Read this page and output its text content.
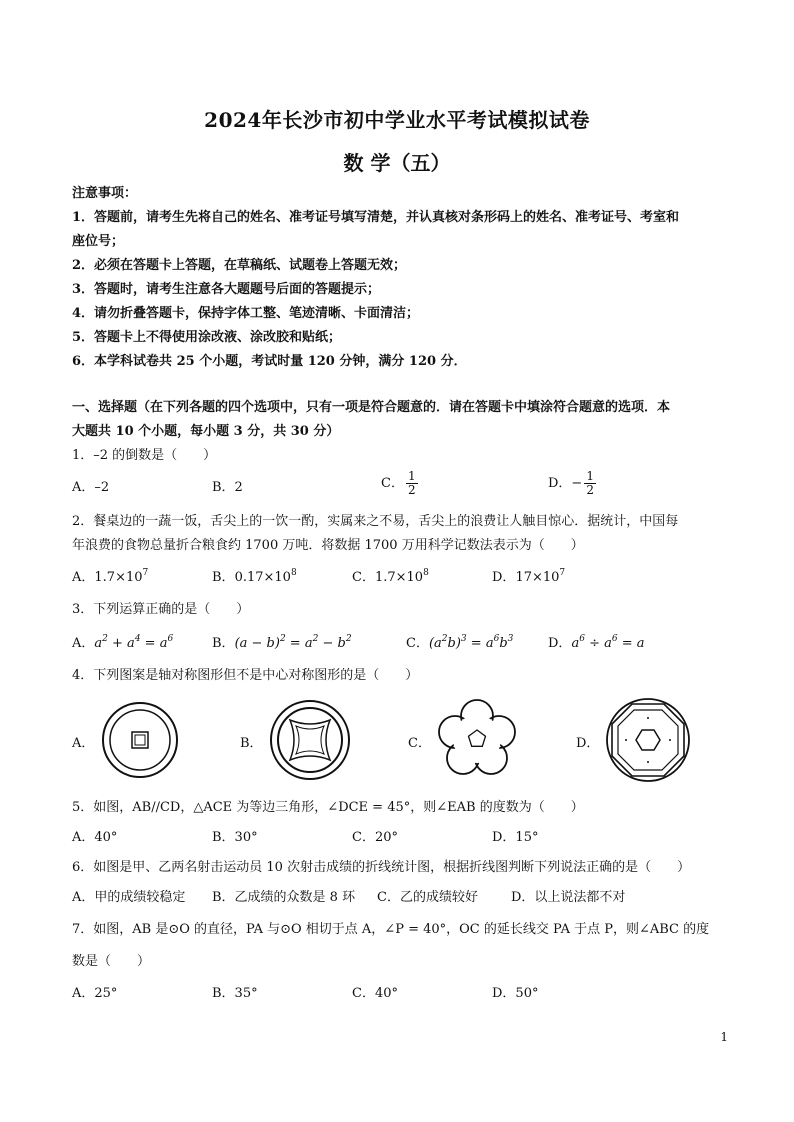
2024年长沙市初中学业水平考试模拟试卷
数 学（五）
注意事项：
1．答题前，请考生先将自己的姓名、准考证号填写清楚，并认真核对条形码上的姓名、准考证号、考室和
座位号；
2．必须在答题卡上答题，在草稿纸、试题卷上答题无效；
3．答题时，请考生注意各大题题号后面的答题提示；
4．请勿折叠答题卡，保持字体工整、笔迹清晰、卡面清洁；
5．答题卡上不得使用涂改液、涂改胶和贴纸；
6．本学科试卷共 25 个小题，考试时量 120 分钟，满分 120 分．
一、选择题（在下列各题的四个选项中，只有一项是符合题意的．请在答题卡中填涂符合题意的选项．本
大题共 10 个小题，每小题 3 分，共 30 分）
1．–2 的倒数是（　　）
A．–2	B．2	C． $\frac{1}{2}$	D．− $\frac{1}{2}$
2．餐桌边的一蔬一饭，舌尖上的一饮一酌，实属来之不易，舌尖上的浪费让人触目惊心．据统计，中国每
年浪费的食物总量折合粮食约 1700 万吨．将数据 1700 万用科学记数法表示为（　　）
A．$1.7\times 10^7$	B．$0.17\times 10^8$	C．$1.7\times 10^8$	D．$17\times 10^7$
3．下列运算正确的是（　　）
A．$a^2 + a^4 = a^6$	B．$(a - b)^2 = a^2 - b^2$	C．$(a^2b)^3 = a^6b^3$	D．$a^6 \div a^6 = a$
4．下列图案是轴对称图形但不是中心对称图形的是（　　）
A．	B．	C．	D．
5．如图，AB//CD，△ACE 为等边三角形，∠DCE = 45°，则∠EAB 的度数为（　　）
A．40°	B．30°	C．20°	D．15°
6．如图是甲、乙两名射击运动员 10 次射击成绩的折线统计图，根据折线图判断下列说法正确的是（　　）
A．甲的成绩较稳定 B．乙成绩的众数是 8 环 C．乙的成绩较好	D．以上说法都不对
7．如图，AB 是⊙O 的直径，PA 与⊙O 相切于点 A，∠P = 40°，OC 的延长线交 PA 于点 P，则∠ABC 的度
数是（　　）
A．25°	B．35°	C．40°	D．50°
1
